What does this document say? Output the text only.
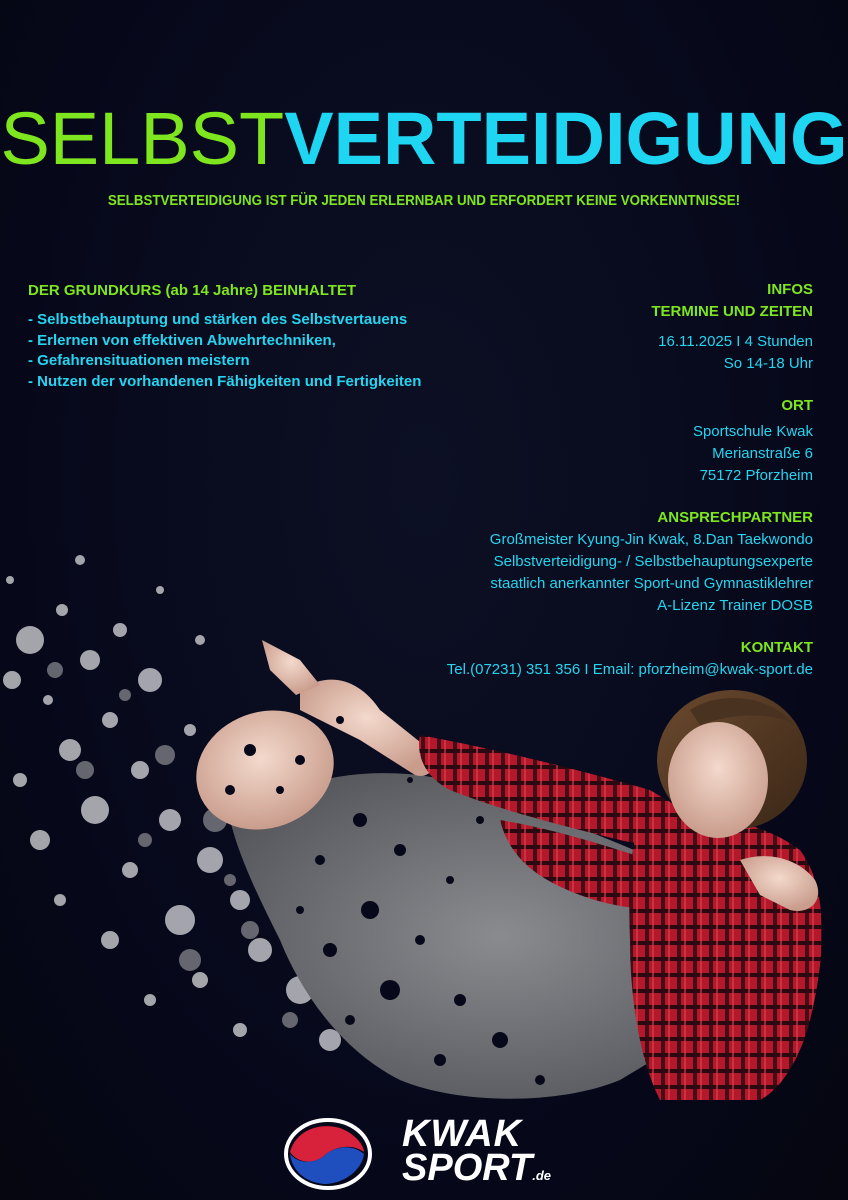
SELBSTVERTEIDIGUNG
SELBSTVERTEIDIGUNG IST FÜR JEDEN ERLERNBAR UND ERFORDERT KEINE VORKENNTNISSE!
DER GRUNDKURS (ab 14 Jahre) BEINHALTET
- Selbstbehauptung und stärken des Selbstvertauens
- Erlernen von effektiven Abwehrtechniken,
- Gefahrensituationen meistern
- Nutzen der vorhandenen Fähigkeiten und Fertigkeiten
INFOS
TERMINE UND ZEITEN
16.11.2025 I 4 Stunden
So 14-18 Uhr
ORT
Sportschule Kwak
Merianstraße 6
75172 Pforzheim
ANSPRECHPARTNER
Großmeister Kyung-Jin Kwak, 8.Dan Taekwondo
Selbstverteidigung- / Selbstbehauptungsexperte
staatlich anerkannter Sport-und Gymnastiklehrer
A-Lizenz Trainer DOSB
KONTAKT
Tel.(07231) 351 356 I Email: pforzheim@kwak-sport.de
KWAK
SPORT.de
